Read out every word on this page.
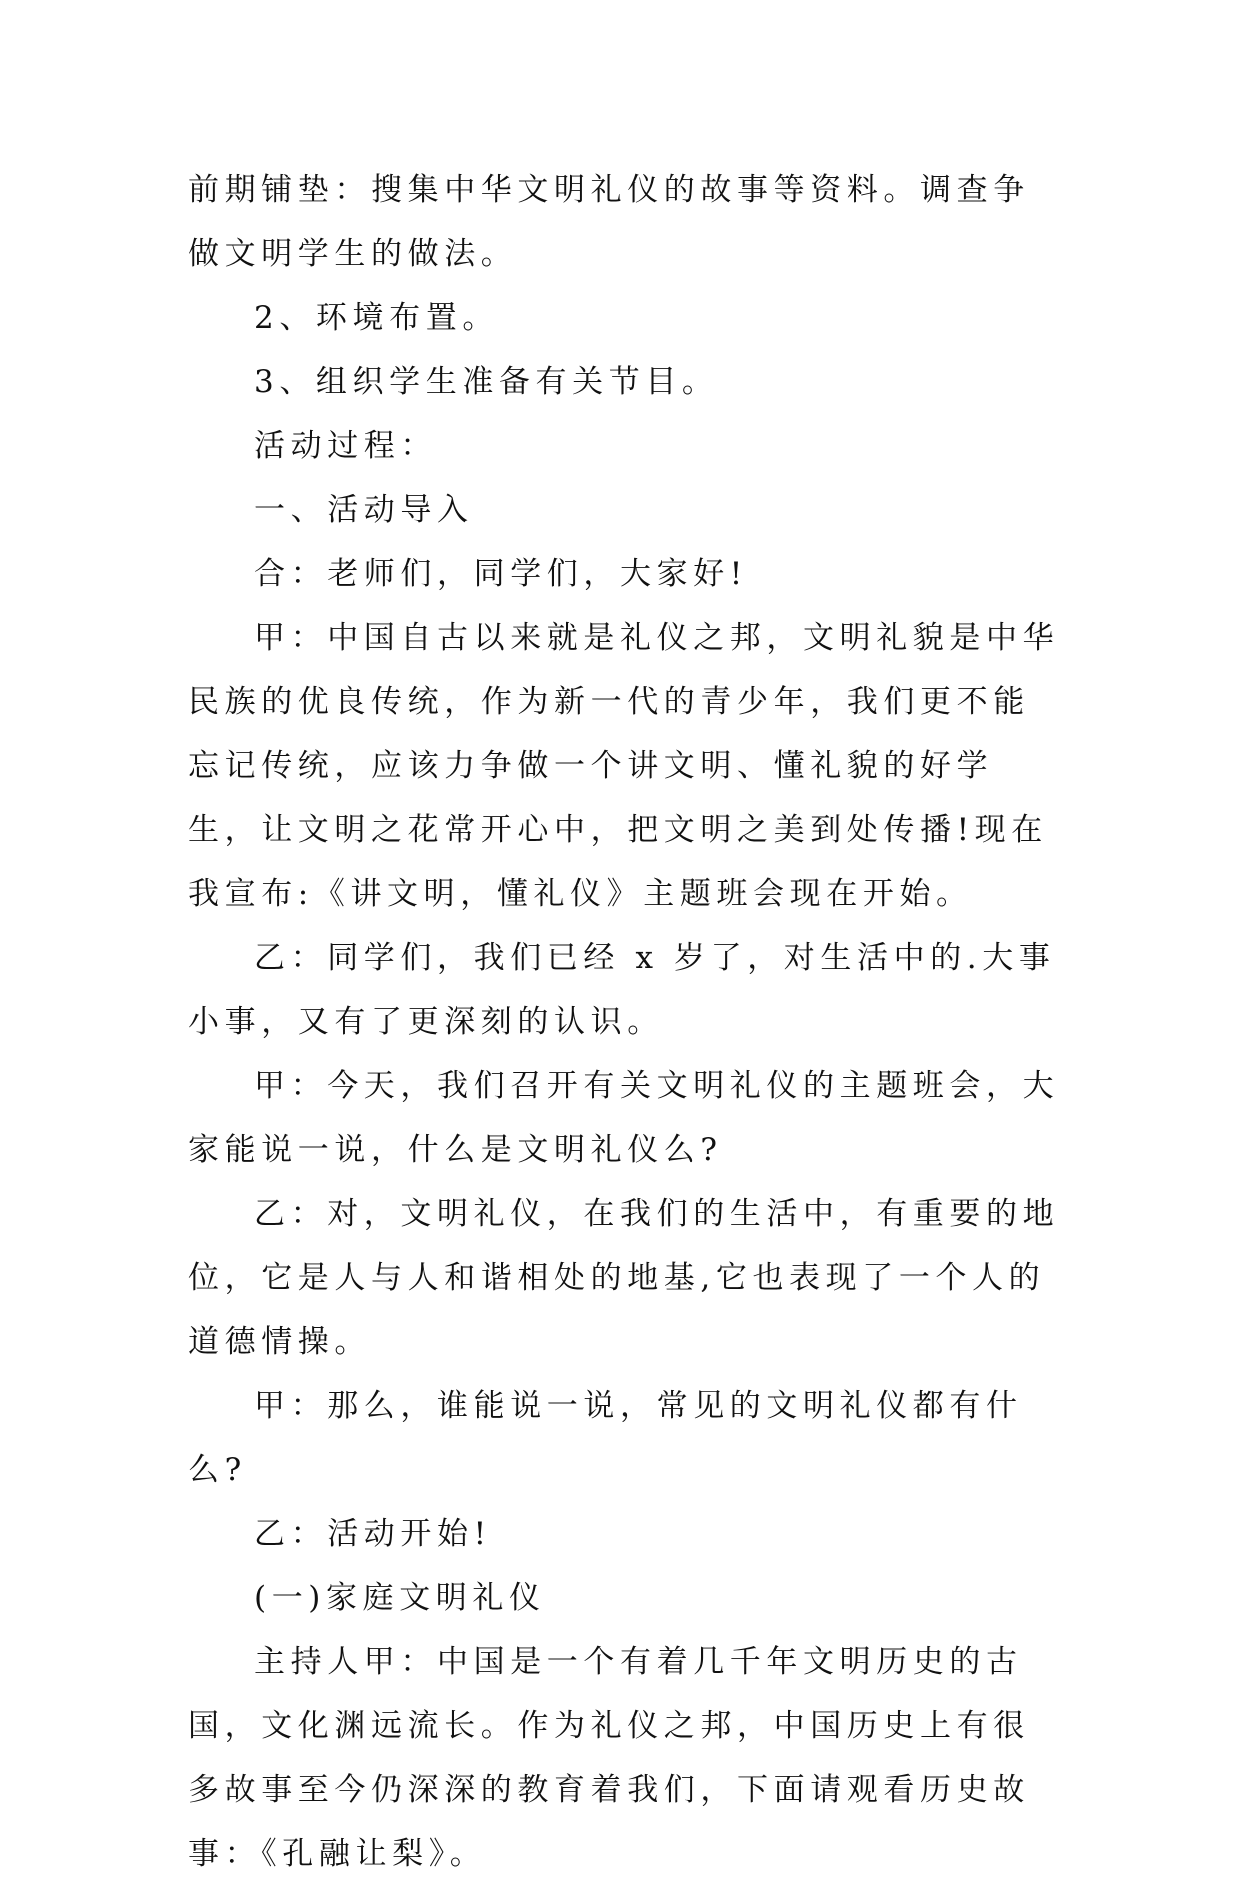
前期铺垫：搜集中华文明礼仪的故事等资料。调查争做文明学生的做法。

2、环境布置。

3、组织学生准备有关节目。

活动过程：

一、活动导入

合：老师们，同学们，大家好!

甲：中国自古以来就是礼仪之邦，文明礼貌是中华民族的优良传统，作为新一代的青少年，我们更不能忘记传统，应该力争做一个讲文明、懂礼貌的好学生，让文明之花常开心中，把文明之美到处传播!现在我宣布:《讲文明，懂礼仪》主题班会现在开始。

乙：同学们，我们已经 x 岁了，对生活中的.大事小事，又有了更深刻的认识。

甲：今天，我们召开有关文明礼仪的主题班会，大家能说一说，什么是文明礼仪么?

乙：对，文明礼仪，在我们的生活中，有重要的地位，它是人与人和谐相处的地基,它也表现了一个人的道德情操。

甲：那么，谁能说一说，常见的文明礼仪都有什么?

乙：活动开始!

(一)家庭文明礼仪

主持人甲：中国是一个有着几千年文明历史的古国，文化渊远流长。作为礼仪之邦，中国历史上有很多故事至今仍深深的教育着我们，下面请观看历史故事：《孔融让梨》。
